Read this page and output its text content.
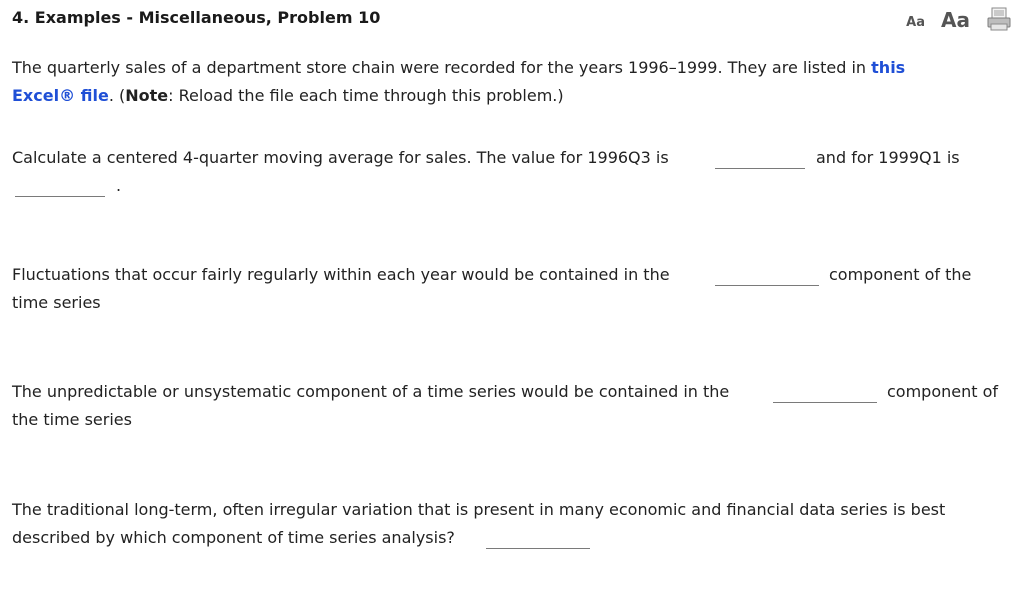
4. Examples - Miscellaneous, Problem 10	Aa Aa
The quarterly sales of a department store chain were recorded for the years 1996–1999. They are listed in this
Excel® file. (Note: Reload the file each time through this problem.)
Calculate a centered 4-quarter moving average for sales. The value for 1996Q3 is	and for 1999Q1 is
.
Fluctuations that occur fairly regularly within each year would be contained in the	component of the
time series
The unpredictable or unsystematic component of a time series would be contained in the	component of
the time series
The traditional long-term, often irregular variation that is present in many economic and financial data series is best
described by which component of time series analysis?
